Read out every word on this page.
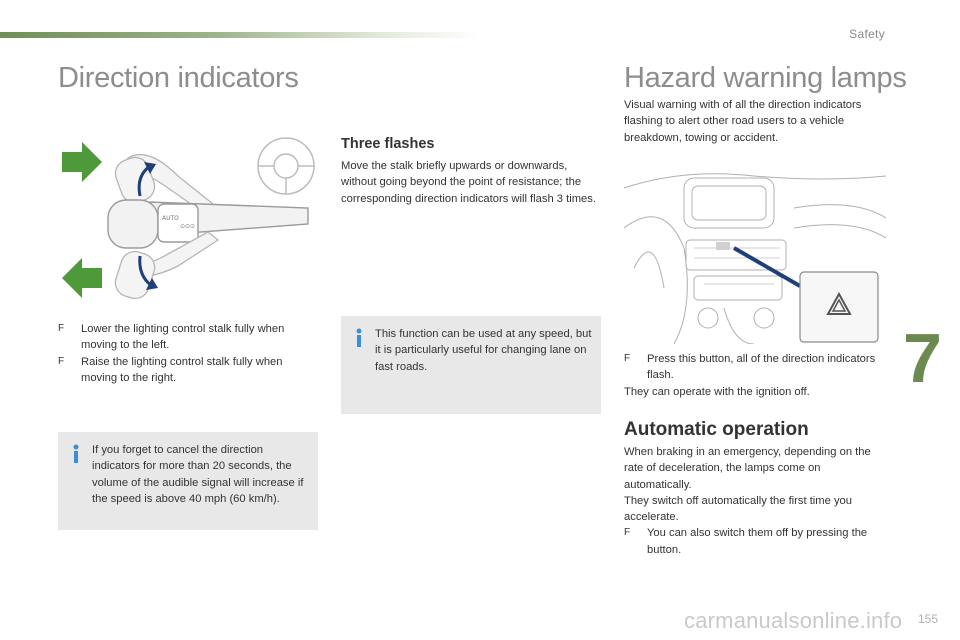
Safety
Direction indicators
AUTO
⊙⊙⊙
F Lower the lighting control stalk fully when moving to the left.
F Raise the lighting control stalk fully when moving to the right.
If you forget to cancel the direction indicators for more than 20 seconds, the volume of the audible signal will increase if the speed is above 40 mph (60 km/h).
Three flashes
Move the stalk briefly upwards or downwards, without going beyond the point of resistance; the corresponding direction indicators will flash 3 times.
This function can be used at any speed, but it is particularly useful for changing lane on fast roads.
Hazard warning lamps
Visual warning with of all the direction indicators flashing to alert other road users to a vehicle breakdown, towing or accident.
F Press this button, all of the direction indicators flash.
They can operate with the ignition off.
Automatic operation
When braking in an emergency, depending on the rate of deceleration, the lamps come on automatically.
They switch off automatically the first time you accelerate.
F You can also switch them off by pressing the button.
7
carmanualsonline.info 155
